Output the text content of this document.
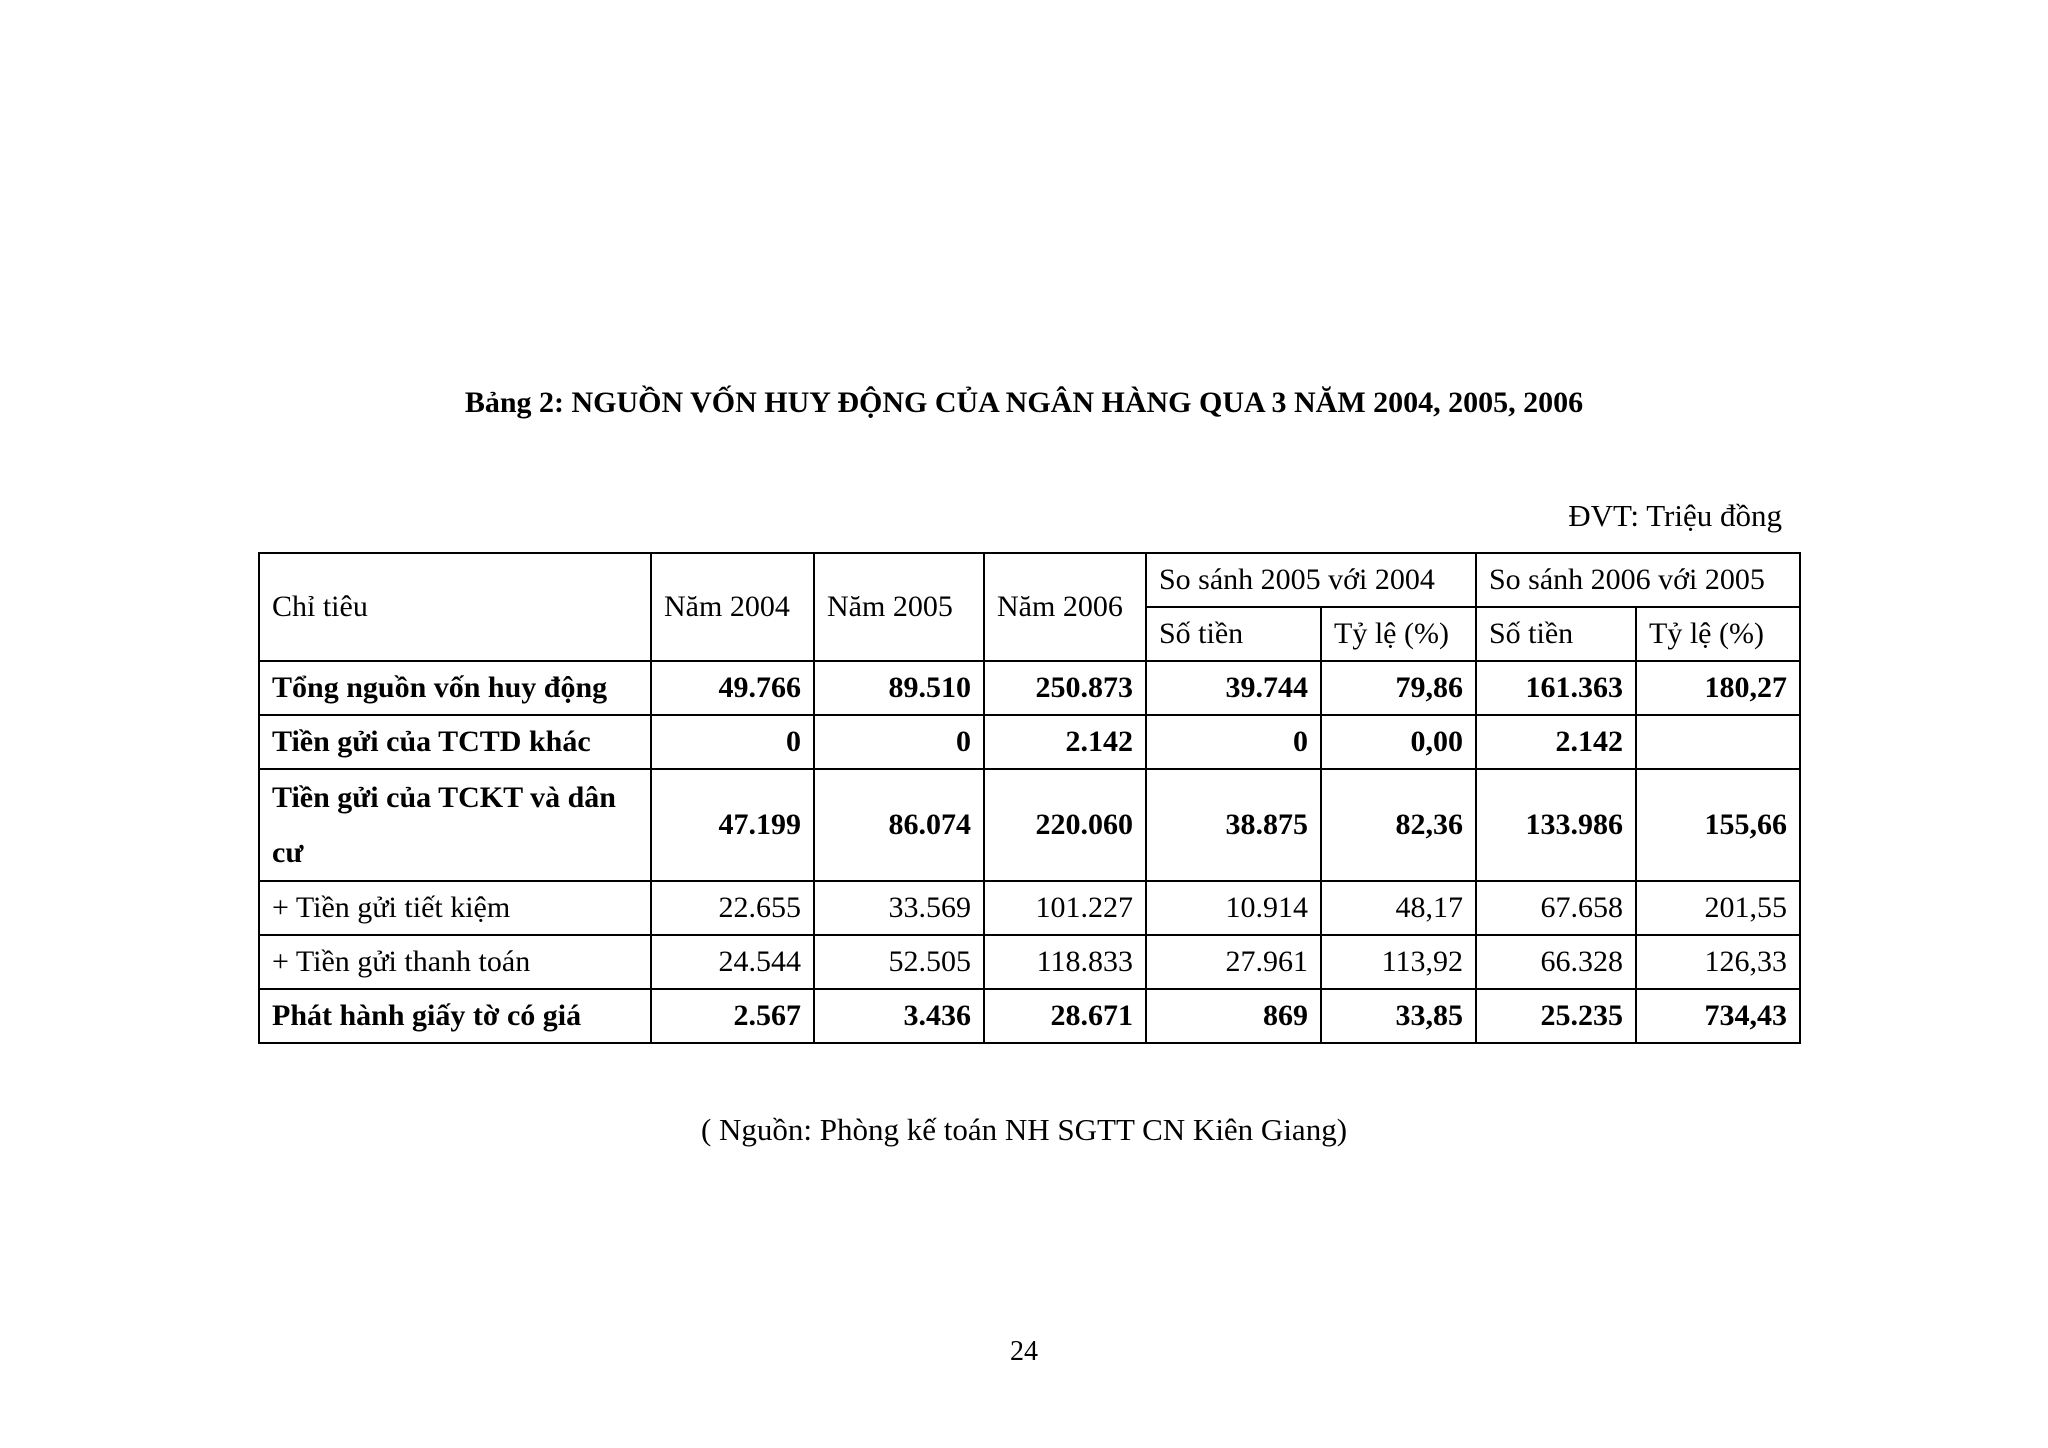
Bảng 2: NGUỒN VỐN HUY ĐỘNG CỦA NGÂN HÀNG QUA 3 NĂM 2004, 2005, 2006
ĐVT: Triệu đồng
Chỉ tiêu	Năm 2004	Năm 2005	Năm 2006	So sánh 2005 với 2004		So sánh 2006 với 2005	
				Số tiền	Tỷ lệ (%)	Số tiền	Tỷ lệ (%)
Tổng nguồn vốn huy động	49.766	89.510	250.873	39.744	79,86	161.363	180,27
Tiền gửi của TCTD khác	0	0	2.142	0	0,00	2.142	
Tiền gửi của TCKT và dân cư	47.199	86.074	220.060	38.875	82,36	133.986	155,66
+ Tiền gửi tiết kiệm	22.655	33.569	101.227	10.914	48,17	67.658	201,55
+ Tiền gửi thanh toán	24.544	52.505	118.833	27.961	113,92	66.328	126,33
Phát hành giấy tờ có giá	2.567	3.436	28.671	869	33,85	25.235	734,43
( Nguồn: Phòng kế toán NH SGTT CN Kiên Giang)
24
